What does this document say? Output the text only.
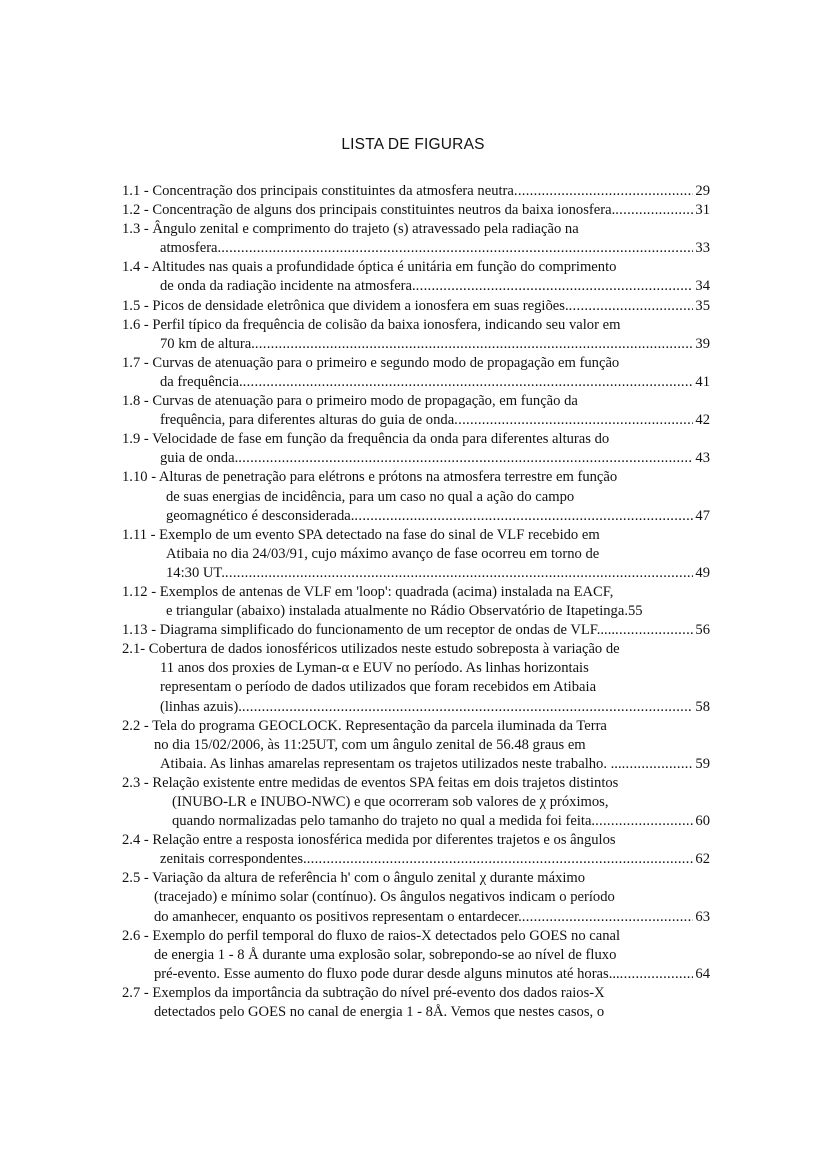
LISTA DE FIGURAS
1.1 - Concentração dos principais constituintes da atmosfera neutra .....	29
1.2 - Concentração de alguns dos principais constituintes neutros da baixa ionosfera. .....	31
1.3 - Ângulo zenital e comprimento do trajeto (s) atravessado pela radiação na
atmosfera. .....	33
1.4 - Altitudes nas quais a profundidade óptica é unitária em função do comprimento
de onda da radiação incidente na atmosfera. .....	34
1.5 - Picos de densidade eletrônica que dividem a ionosfera em suas regiões. .....	35
1.6 - Perfil típico da frequência de colisão da baixa ionosfera, indicando seu valor em
70 km de altura. .....	39
1.7 - Curvas de atenuação para o primeiro e segundo modo de propagação em função
da frequência. .....	41
1.8 - Curvas de atenuação para o primeiro modo de propagação, em função da
frequência, para diferentes alturas do guia de onda .....	42
1.9 - Velocidade de fase em função da frequência da onda para diferentes alturas do
guia de onda. .....	43
1.10 - Alturas de penetração para elétrons e prótons na atmosfera terrestre em função
de suas energias de incidência, para um caso no qual a ação do campo
geomagnético é desconsiderada. .....	47
1.11 - Exemplo de um evento SPA detectado na fase do sinal de VLF recebido em
Atibaia no dia 24/03/91, cujo máximo avanço de fase ocorreu em torno de
14:30 UT. .....	49
1.12 - Exemplos de antenas de VLF em 'loop': quadrada (acima) instalada na EACF,
e triangular (abaixo) instalada atualmente no Rádio Observatório de Itapetinga.55
1.13 - Diagrama simplificado do funcionamento de um receptor de ondas de VLF..... .....	56
2.1- Cobertura de dados ionosféricos utilizados neste estudo sobreposta à variação de
11 anos dos proxies de Lyman-α e EUV no período. As linhas horizontais
representam o período de dados utilizados que foram recebidos em Atibaia
(linhas azuis). .....	58
2.2 - Tela do programa GEOCLOCK. Representação da parcela iluminada da Terra
no dia 15/02/2006, às 11:25UT, com um ângulo zenital de 56.48 graus em
Atibaia. As linhas amarelas representam os trajetos utilizados neste trabalho. ... .....	59
2.3 - Relação existente entre medidas de eventos SPA feitas em dois trajetos distintos
(INUBO-LR e INUBO-NWC) e que ocorreram sob valores de χ próximos,
quando normalizadas pelo tamanho do trajeto no qual a medida foi feita. .....	60
2.4 - Relação entre a resposta ionosférica medida por diferentes trajetos e os ângulos
zenitais correspondentes. .....	62
2.5 - Variação da altura de referência h' com o ângulo zenital χ durante máximo
(tracejado) e mínimo solar (contínuo). Os ângulos negativos indicam o período
do amanhecer, enquanto os positivos representam o entardecer. .....	63
2.6 - Exemplo do perfil temporal do fluxo de raios-X detectados pelo GOES no canal
de energia 1 - 8 Å durante uma explosão solar, sobrepondo-se ao nível de fluxo
pré-evento. Esse aumento do fluxo pode durar desde alguns minutos até horas... .....	64
2.7 - Exemplos da importância da subtração do nível pré-evento dos dados raios-X
detectados pelo GOES no canal de energia 1 - 8Å. Vemos que nestes casos, o
